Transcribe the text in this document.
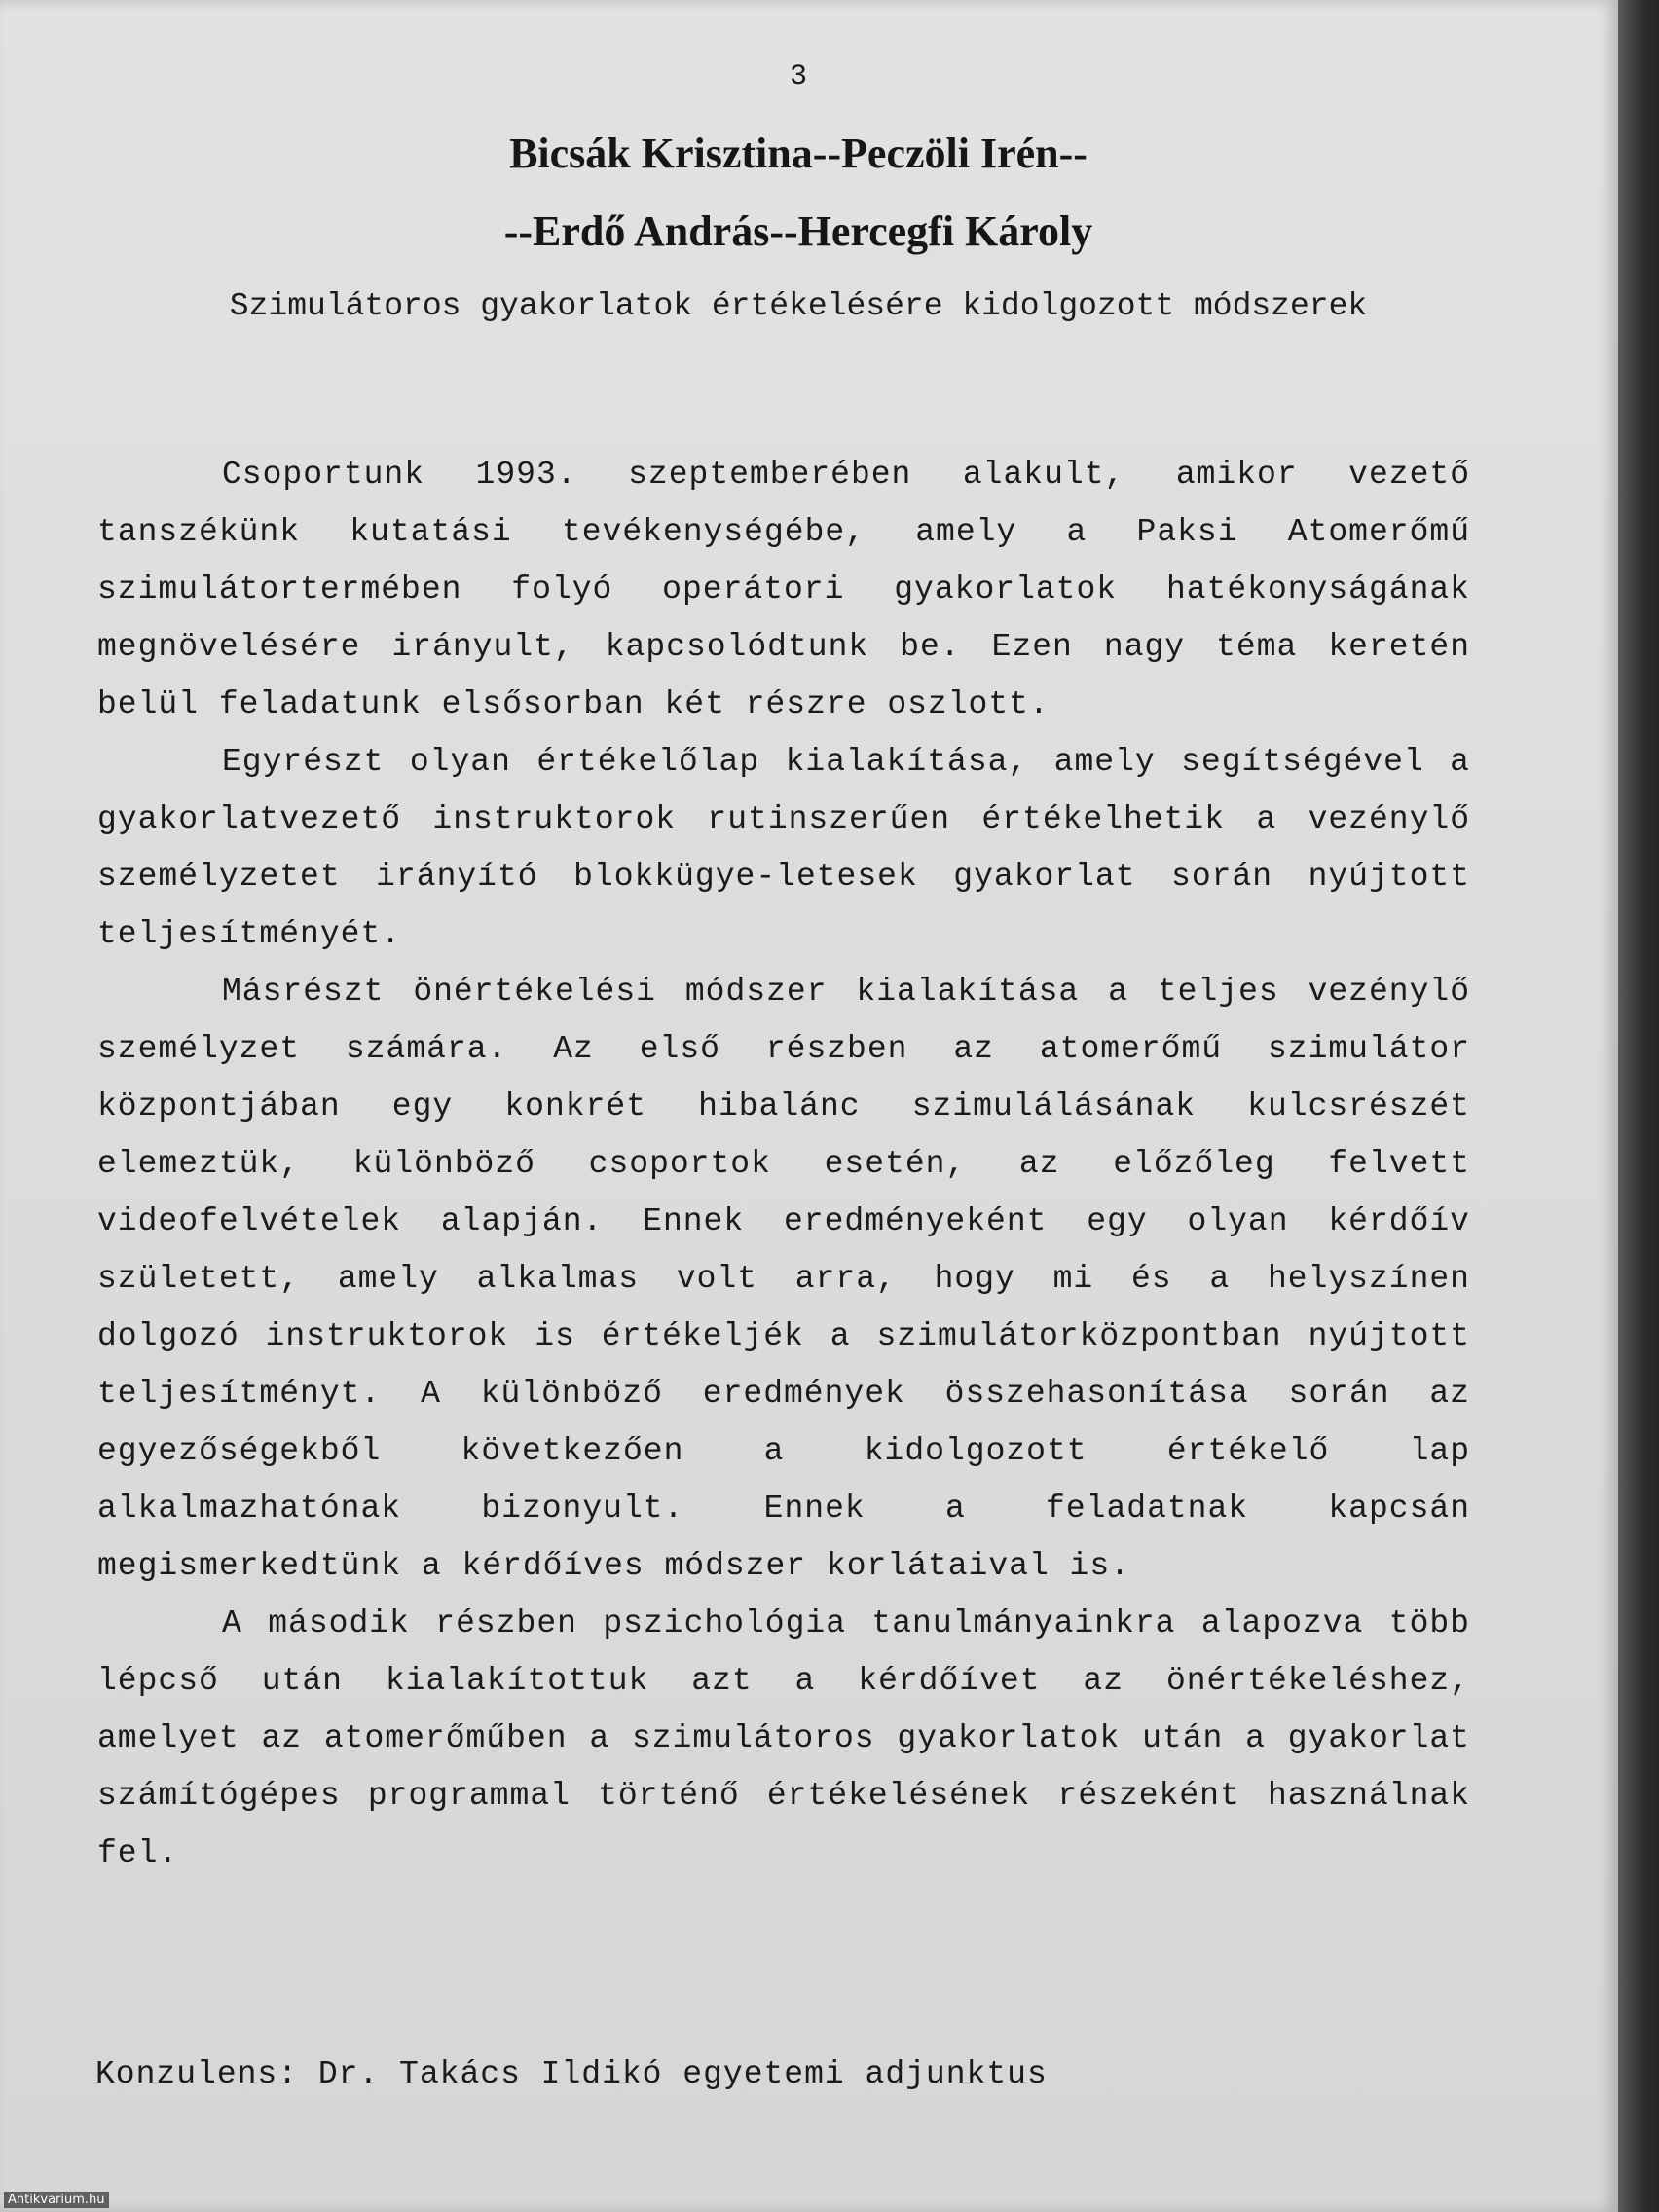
3
Bicsák Krisztina--Peczöli Irén--
--Erdő András--Hercegfi Károly
Szimulátoros gyakorlatok értékelésére kidolgozott módszerek

Csoportunk 1993. szeptemberében alakult, amikor vezető tanszékünk kutatási tevékenységébe, amely a Paksi Atomerőmű szimulátortermében folyó operátori gyakorlatok hatékonyságának megnövelésére irányult, kapcsolódtunk be. Ezen nagy téma keretén belül feladatunk elsősorban két részre oszlott.

Egyrészt olyan értékelőlap kialakítása, amely segítségével a gyakorlatvezető instruktorok rutinszerűen értékelhetik a vezénylő személyzetet irányító blokkügye-letesek gyakorlat során nyújtott teljesítményét.

Másrészt önértékelési módszer kialakítása a teljes vezénylő személyzet számára. Az első részben az atomerőmű szimulátor központjában egy konkrét hibalánc szimulálásának kulcsrészét elemeztük, különböző csoportok esetén, az előzőleg felvett videofelvételek alapján. Ennek eredményeként egy olyan kérdőív született, amely alkalmas volt arra, hogy mi és a helyszínen dolgozó instruktorok is értékeljék a szimulátorközpontban nyújtott teljesítményt. A különböző eredmények összehasonítása során az egyezőségekből következően a kidolgozott értékelő lap alkalmazhatónak bizonyult. Ennek a feladatnak kapcsán megismerkedtünk a kérdőíves módszer korlátaival is.

A második részben pszichológia tanulmányainkra alapozva több lépcső után kialakítottuk azt a kérdőívet az önértékeléshez, amelyet az atomerőműben a szimulátoros gyakorlatok után a gyakorlat számítógépes programmal történő értékelésének részeként használnak fel.

Konzulens: Dr. Takács Ildikó egyetemi adjunktus
Antikvarium.hu
